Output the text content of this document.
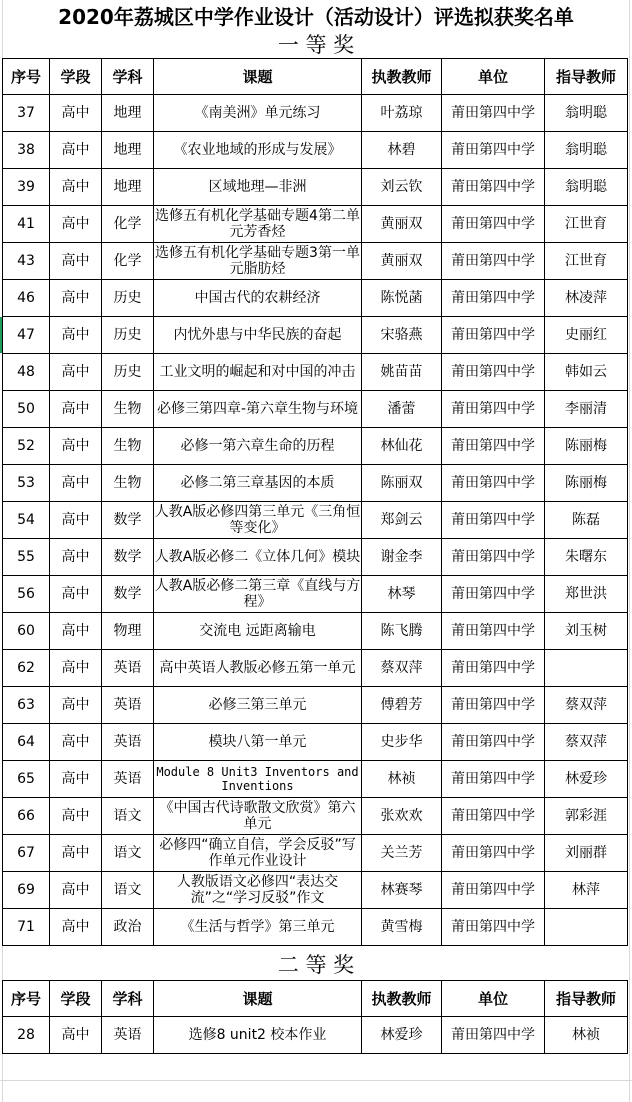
2020年荔城区中学作业设计（活动设计）评选拟获奖名单
一 等 奖
序号	学段	学科	课题	执教教师	单位	指导教师
37	高中	地理	《南美洲》单元练习	叶荔琼	莆田第四中学	翁明聪
38	高中	地理	《农业地域的形成与发展》	林碧	莆田第四中学	翁明聪
39	高中	地理	区域地理—非洲	刘云钦	莆田第四中学	翁明聪
41	高中	化学	选修五有机化学基础专题4第二单元芳香烃	黄丽双	莆田第四中学	江世育
43	高中	化学	选修五有机化学基础专题3第一单元脂肪烃	黄丽双	莆田第四中学	江世育
46	高中	历史	中国古代的农耕经济	陈悦菡	莆田第四中学	林凌萍
47	高中	历史	内忧外患与中华民族的奋起	宋骆燕	莆田第四中学	史丽红
48	高中	历史	工业文明的崛起和对中国的冲击	姚苗苗	莆田第四中学	韩如云
50	高中	生物	必修三第四章-第六章生物与环境	潘蕾	莆田第四中学	李丽清
52	高中	生物	必修一第六章生命的历程	林仙花	莆田第四中学	陈丽梅
53	高中	生物	必修二第三章基因的本质	陈丽双	莆田第四中学	陈丽梅
54	高中	数学	人教A版必修四第三单元《三角恒等变化》	郑剑云	莆田第四中学	陈磊
55	高中	数学	人教A版必修二《立体几何》模块	谢金李	莆田第四中学	朱曙东
56	高中	数学	人教A版必修二第三章《直线与方程》	林琴	莆田第四中学	郑世洪
60	高中	物理	交流电 远距离输电	陈飞腾	莆田第四中学	刘玉树
62	高中	英语	高中英语人教版必修五第一单元	蔡双萍	莆田第四中学	
63	高中	英语	必修三第三单元	傅碧芳	莆田第四中学	蔡双萍
64	高中	英语	模块八第一单元	史步华	莆田第四中学	蔡双萍
65	高中	英语	Module 8 Unit3 Inventors and Inventions	林祯	莆田第四中学	林爱珍
66	高中	语文	《中国古代诗歌散文欣赏》第六单元	张欢欢	莆田第四中学	郭彩涯
67	高中	语文	必修四“确立自信，学会反驳”写作单元作业设计	关兰芳	莆田第四中学	刘丽群
69	高中	语文	人教版语文必修四“表达交流”之“学习反驳”作文	林赛琴	莆田第四中学	林萍
71	高中	政治	《生活与哲学》第三单元	黄雪梅	莆田第四中学	
二 等 奖
序号	学段	学科	课题	执教教师	单位	指导教师
28	高中	英语	选修8 unit2 校本作业	林爱珍	莆田第四中学	林祯
